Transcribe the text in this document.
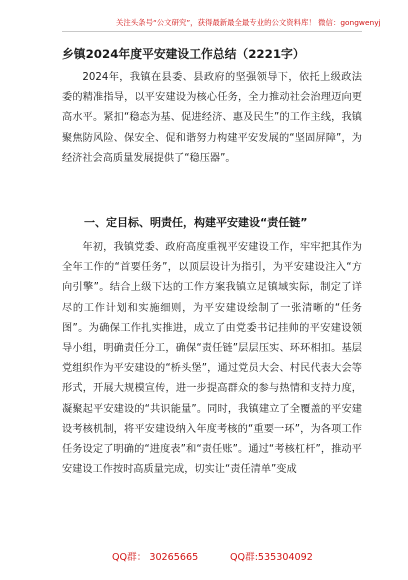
关注头条号“公文研究”，获得最新最全最专业的公文资料库！ 微信：gongwenyj
乡镇2024年度平安建设工作总结（2221字）

2024年，我镇在县委、县政府的坚强领导下，依托上级政法委的精准指导，以平安建设为核心任务，全力推动社会治理迈向更高水平。紧扣“稳态为基、促进经济、惠及民生”的工作主线，我镇聚焦防风险、保安全、促和谐努力构建平安发展的“坚固屏障”，为经济社会高质量发展提供了“稳压器”。

一、定目标、明责任，构建平安建设“责任链”

年初，我镇党委、政府高度重视平安建设工作，牢牢把其作为全年工作的“首要任务”，以顶层设计为指引，为平安建设注入“方向引擎”。结合上级下达的工作方案我镇立足镇域实际，制定了详尽的工作计划和实施细则，为平安建设绘制了一张清晰的“任务图”。为确保工作扎实推进，成立了由党委书记挂帅的平安建设领导小组，明确责任分工，确保“责任链”层层压实、环环相扣。基层党组织作为平安建设的“桥头堡”，通过党员大会、村民代表大会等形式，开展大规模宣传，进一步提高群众的参与热情和支持力度，凝聚起平安建设的“共识能量”。同时，我镇建立了全覆盖的平安建设考核机制，将平安建设纳入年度考核的“重要一环”，为各项工作任务设定了明确的“进度表”和“责任账”。通过“考核杠杆”，推动平安建设工作按时高质量完成，切实让“责任清单”变成

QQ群： 30265665	QQ群:535304092
